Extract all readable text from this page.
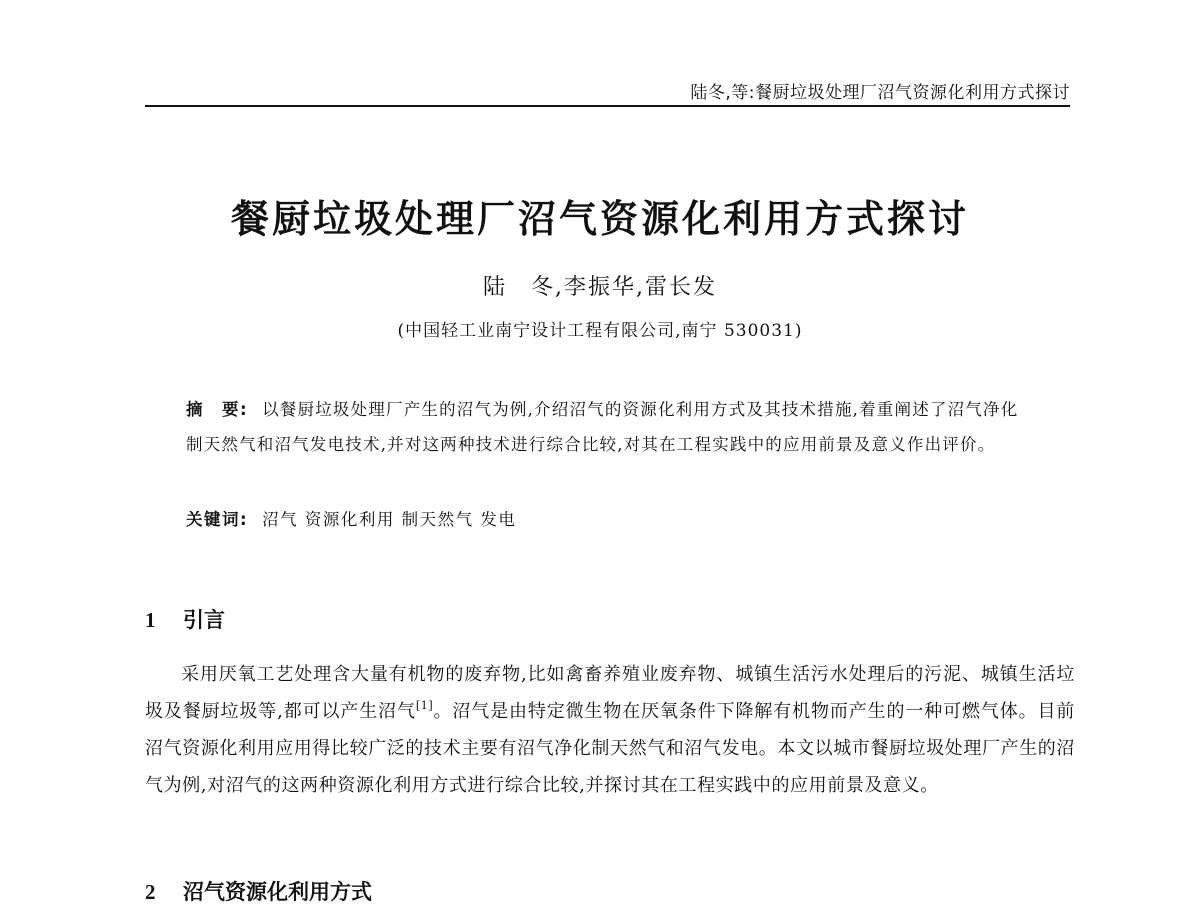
陆冬,等:餐厨垃圾处理厂沼气资源化利用方式探讨
餐厨垃圾处理厂沼气资源化利用方式探讨
陆　冬,李振华,雷长发
(中国轻工业南宁设计工程有限公司,南宁 530031)
摘　要: 以餐厨垃圾处理厂产生的沼气为例,介绍沼气的资源化利用方式及其技术措施,着重阐述了沼气净化制天然气和沼气发电技术,并对这两种技术进行综合比较,对其在工程实践中的应用前景及意义作出评价。
关键词: 沼气 资源化利用 制天然气 发电
1 引言

采用厌氧工艺处理含大量有机物的废弃物,比如禽畜养殖业废弃物、城镇生活污水处理后的污泥、城镇生活垃圾及餐厨垃圾等,都可以产生沼气[1]。沼气是由特定微生物在厌氧条件下降解有机物而产生的一种可燃气体。目前沼气资源化利用应用得比较广泛的技术主要有沼气净化制天然气和沼气发电。本文以城市餐厨垃圾处理厂产生的沼气为例,对沼气的这两种资源化利用方式进行综合比较,并探讨其在工程实践中的应用前景及意义。

2 沼气资源化利用方式
